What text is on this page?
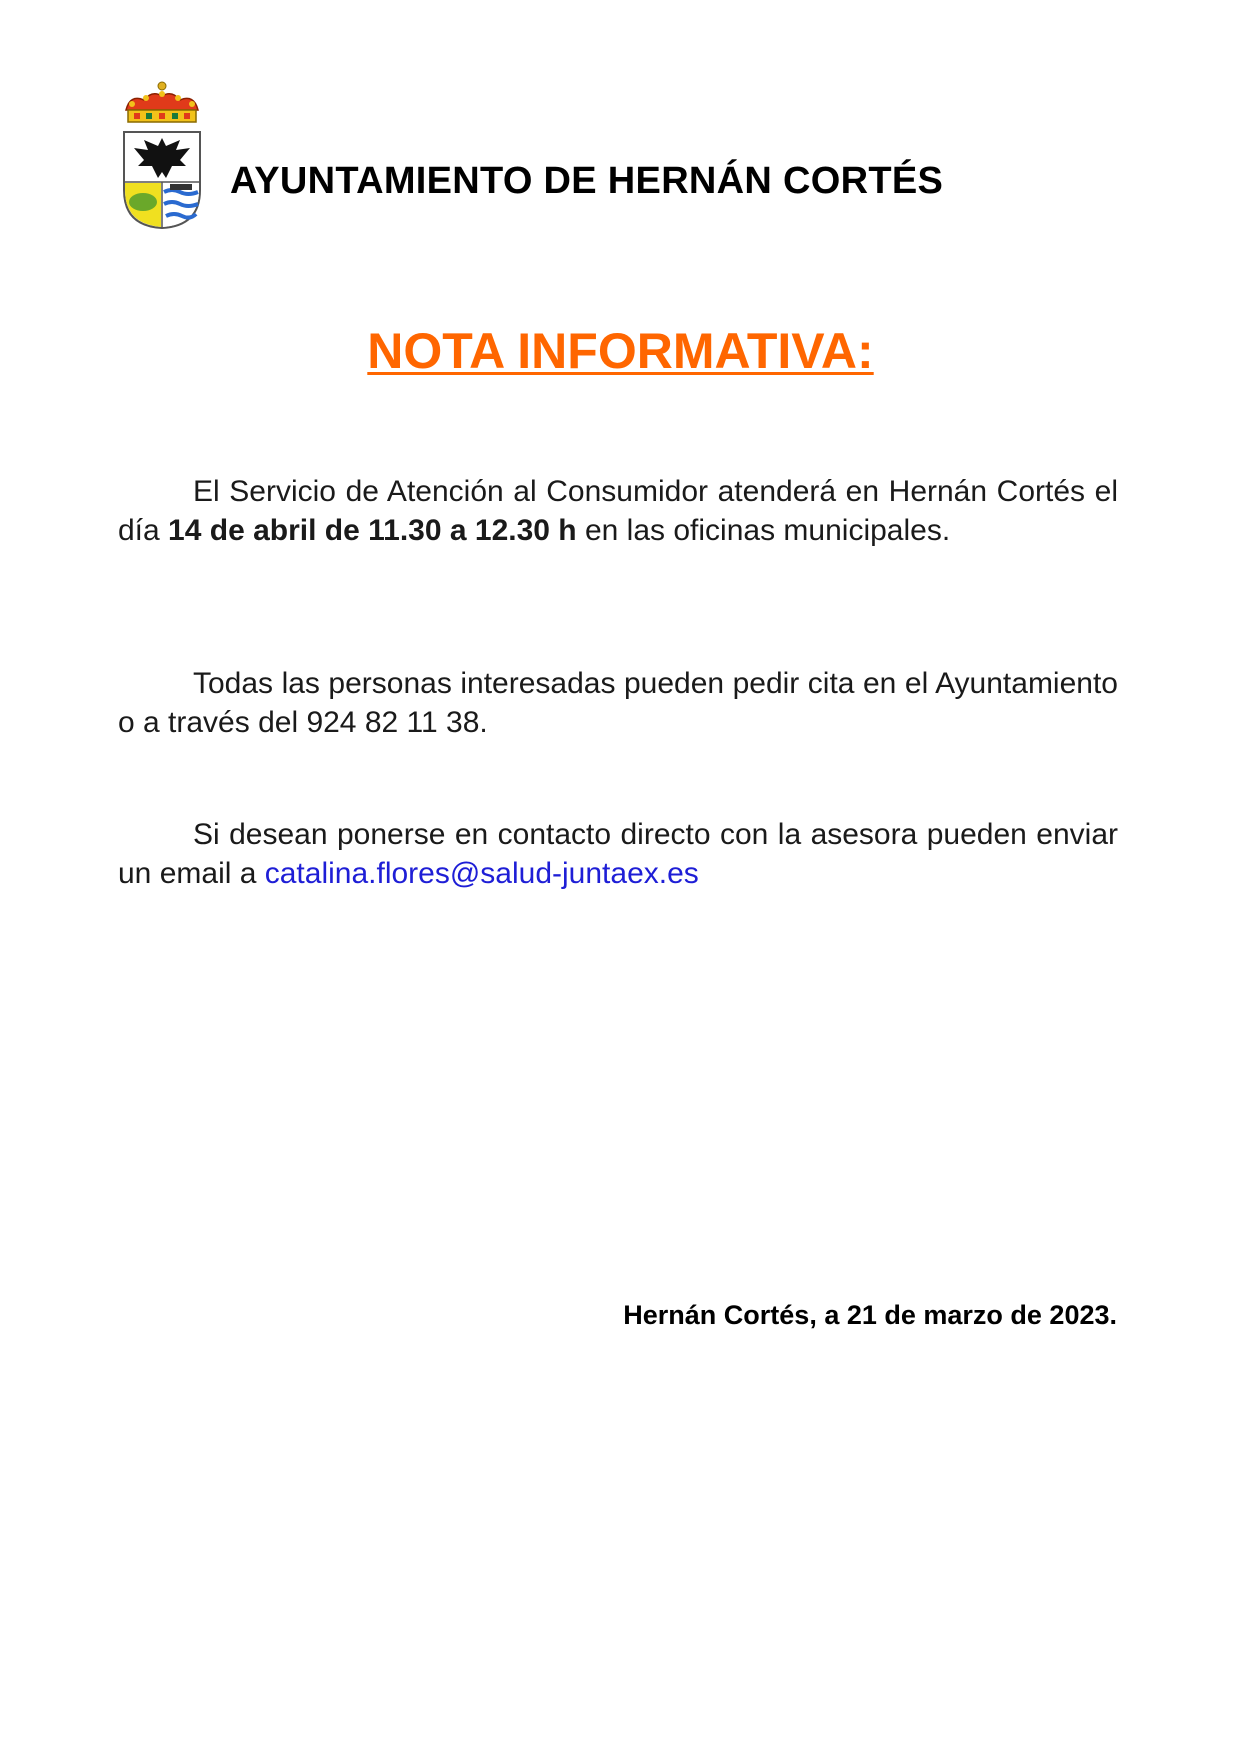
AYUNTAMIENTO DE HERNÁN CORTÉS
NOTA INFORMATIVA:
El Servicio de Atención al Consumidor atenderá en Hernán Cortés el día 14 de abril de 11.30 a 12.30 h en las oficinas municipales.
Todas las personas interesadas pueden pedir cita en el Ayuntamiento o a través del 924 82 11 38.
Si desean ponerse en contacto directo con la asesora pueden enviar un email a catalina.flores@salud-juntaex.es
Hernán Cortés, a 21 de marzo de 2023.
